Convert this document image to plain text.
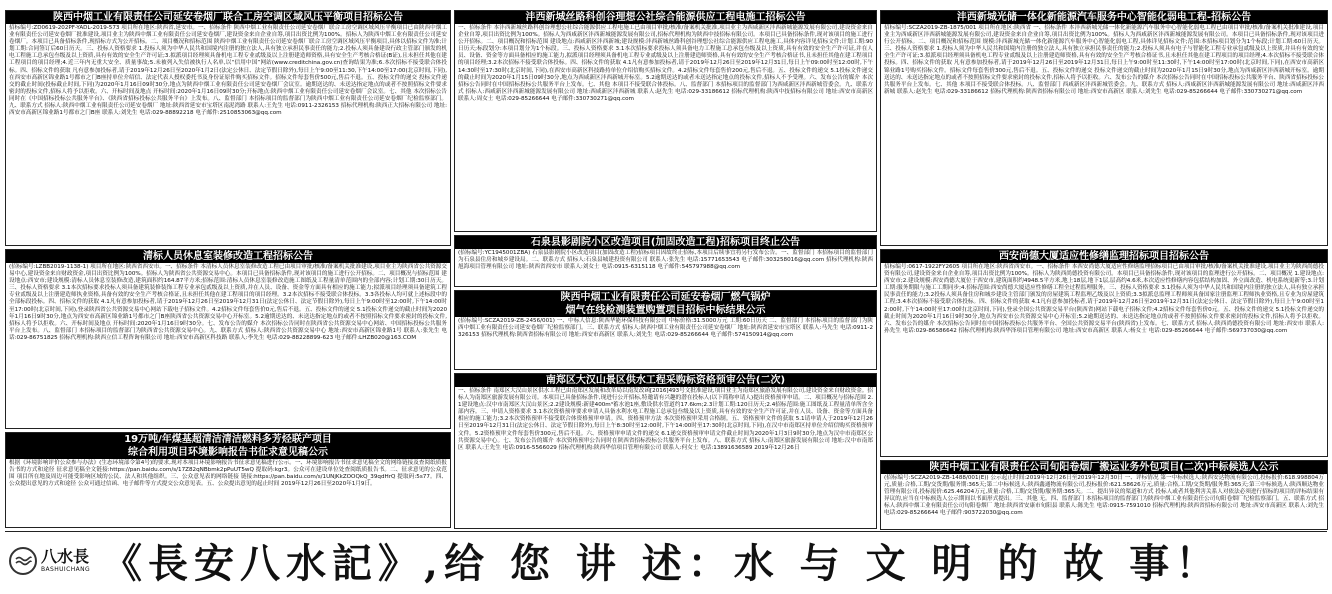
陕西中烟工业有限责任公司延安卷烟厂联合工房空调区域风压平衡项目招标公告
招标编号:ZD0619-202PF-YADL-2019-573 项目所在地区:陕西省,延安市。一、招标条件 陕西中烟工业有限责任公司延安卷烟厂联合工房空调区域风压平衡项目已由陕西中烟工业有限责任公司延安卷烟厂批准建设,项目业主为陕西中烟工业有限责任公司延安卷烟厂,建设资金来自企业自筹,项目出资比例为100%。招标人为陕西中烟工业有限责任公司延安卷烟厂。本项目已具备招标条件,现招标方式为公开招标。二、项目概况和招标范围 陕西中烟工业有限责任公司延安卷烟厂联合工房空调区域风压平衡项目,具体以招标文件为准;计划工期:合同签订后60日历天。三、投标人资格要求 1.投标人须为中华人民共和国境内注册的独立法人,具有独立承担民事责任的能力;2.投标人须具备建设行政主管部门颁发的机电工程施工总承包叁级及以上资质,具有有效的安全生产许可证;3.拟派项目经理须具备机电工程专业贰级及以上注册建造师资格,具有安全生产考核合格证(B证),且未担任其他在建工程项目的项目经理;4.近三年内无重大安全、质量事故;5.未被列入失信被执行人名单,以“信用中国”网站(www.creditchina.gov.cn)查询结果为准;6.本次招标不接受联合体投标。四、招标文件的获取 凡有意参加投标者,请于2019年12月26日至2020年1月2日(法定公休日、法定节假日除外),每日上午9:00至11:30,下午14:00至17:00(北京时间,下同),在西安市高新区锦业路1号都市之门B座持单位介绍信、法定代表人授权委托书及身份证原件购买招标文件。招标文件每套售价500元,售后不退。五、投标文件的递交 投标文件递交的截止时间(投标截止时间,下同)为2020年1月16日09时30分,地点为陕西中烟工业有限责任公司延安卷烟厂会议室。逾期送达的、未送达指定地点的或者不按照招标文件要求密封的投标文件,招标人将予以拒收。六、开标时间及地点 开标时间:2020年1月16日09时30分;开标地点:陕西中烟工业有限责任公司延安卷烟厂会议室。七、其他 本次招标公告同时在《中国招标投标公共服务平台》、《陕西省招标投标公共服务平台》上发布。八、监督部门 本招标项目的监督部门为陕西中烟工业有限责任公司延安卷烟厂纪检监察部门。九、联系方式 招标人:陕西中烟工业有限责任公司延安卷烟厂 地址:陕西省延安市宝塔区南泥湾路 联系人:王先生 电话:0911-2326153 招标代理机构:陕西正大招标有限公司 地址:西安市高新区锦业路1号都市之门B座 联系人:刘先生 电话:029-88892218 电子邮件:2510853063@qq.com
清标人员休息室装修改造工程招标公告
(招标编号:LZBB2019-1138-1) 项目所在地区:陕西省西安市。一、招标条件 本清标人员休息室装修改造工程已由项目审批/核准/备案机关批准建设,项目业主为陕西省公共资源交易中心,建设资金来自财政资金,项目出资比例为100%。招标人为陕西省公共资源交易中心。本项目已具备招标条件,现对该项目的施工进行公开招标。二、项目概况与招标范围 建设地点:西安市;建设规模:清标人员休息室装修改造,建筑面积约164.87平方米;招标范围:清标人员休息室装修改造施工图纸及工程量清单范围内的全部内容;计划工期:30日历天。三、投标人资格要求 3.1本次招标要求投标人须具备建筑装修装饰工程专业承包贰级及以上资质,并在人员、设备、资金等方面具有相应的施工能力;拟派项目经理须具备建筑工程专业贰级及以上注册建造师执业资格,具备有效的安全生产考核合格证,且未担任其他在建工程项目的项目经理。3.2本次招标不接受联合体投标。3.3各投标人均可就上述标段中的全部标段投标。四、招标文件的获取 4.1凡有意参加投标者,请于2019年12月26日至2019年12月31日(法定公休日、法定节假日除外),每日上午9:00时至12:00时,下午14:00时至17:00时(北京时间,下同),登录陕西省公共资源交易中心网站下载电子招标文件。4.2招标文件每套售价0元,售后不退。五、投标文件的递交 5.1投标文件递交的截止时间为2020年1月16日9时30分,地点为西安市高新区锦业路1号都市之门B座陕西省公共资源交易中心开标室。5.2逾期送达的、未送达指定地点的或者不按照招标文件要求密封的投标文件,招标人将予以拒收。六、开标时间及地点 开标时间:2020年1月16日9时30分。七、发布公告的媒介 本次招标公告同时在陕西省公共资源交易中心网站、中国招标投标公共服务平台上发布。八、监督部门 本招标项目的监督部门为陕西省公共资源交易中心。九、联系方式 招标人:陕西省公共资源交易中心 地址:西安市高新区锦业路1号 联系人:张先生 电话:029-86751825 招标代理机构:陕西立信工程咨询有限公司 地址:西安市高新区科技路 联系人:李先生 电话:029-88228899-623 电子邮件:LHZB020@163.COM
19万吨/年煤基超清洁清洁燃料多芳烃联产项目
综合利用项目环境影响报告书征求意见稿公示
根据《环境影响评价公众参与办法》(生态环境部令第4号)的要求,现对本项目环境影响报告书征求意见稿进行公示。一、环境影响报告书征求意见稿全文的网络链接及查阅纸质报告书的方式和途径 征求意见稿全文链接:https://pan.baidu.com/s/17Z82qNBbmk2pPuUT5wQ 提取码:kgr3。公众可在建设单位处查阅纸质报告书。二、征求意见的公众范围 项目所在地及周边可能受影响区域的公民、法人和其他组织。三、公众意见表的网络链接 链接:https://pan.baidu.com/s/1UNjKkZOOQkQ_39qdHrQ 提取码:5s77。四、公众提出意见的方式和途径 公众可通过信函、电子邮件等方式提交公众意见表。五、公众提出意见的起止时间 2019年12月26日至2020年1月9日。
沣西新城丝路科创谷理想公社综合能源供应工程电施工招标公告
一、招标条件 本沣西新城丝路科创谷理想公社综合能源供应工程电施工已由项目审批/核准/备案机关批准,项目业主为西咸新区沣西新城能源发展有限公司,建设资金来自企业自筹,项目出资比例为100%。招标人为西咸新区沣西新城能源发展有限公司,招标代理机构为陕西中技招标有限公司。本项目已具备招标条件,现对该项目的施工进行公开招标。二、项目概况和招标范围 建设地点:西咸新区沣西新城;建设规模:沣西新城丝路科创谷理想公社综合能源供应工程电施工,具体内容详见招标文件;计划工期:90日历天;标段划分:本项目划分为1个标段。三、投标人资格要求 3.1本次招标要求投标人须具备电力工程施工总承包叁级及以上资质,具有有效的安全生产许可证,并在人员、设备、资金等方面具备相应的施工能力,拟派项目经理须具备机电工程专业贰级及以上注册建造师资格,具有有效的安全生产考核合格证书,且未担任其他在建工程项目的项目经理;3.2本次招标不接受联合体投标。四、招标文件的获取 4.1凡有意参加投标者,请于2019年12月26日至2019年12月31日,每日上午09:00时至12:00时,下午14:30时至17:30时(北京时间,下同),在西安市高新区科技路持单位介绍信购买招标文件。4.2招标文件每套售价200元,售后不退。五、投标文件的递交 5.1投标文件递交的截止时间为2020年1月15日09时30分,地点为西咸新区沣西新城开标室。5.2逾期送达的或者未送达指定地点的投标文件,招标人不予受理。六、发布公告的媒介 本次招标公告同时在中国招标投标公共服务平台上发布。七、其他 本项目不接受联合体投标。八、监督部门 本招标项目的监督部门为西咸新区沣西新城管委会。九、联系方式 招标人:西咸新区沣西新城能源发展有限公司 地址:西咸新区沣西新城 联系人:赵先生 电话:029-33186612 招标代理机构:陕西中技招标有限公司 地址:西安市高新区 联系人:周女士 电话:029-85266644 电子邮件:330730271@qq.com
石泉县影剧院小区改造项目(加固改造工程)招标项目终止公告
(招标编号:YC1945001ZBA) 石泉县影剧院小区改造项目(加固改造工程)招标项目因故终止招标,本项目后续事宜将另行发布公告。一、监督部门 本招标项目的监督部门为石泉县住房和城乡建设局。二、联系方式 招标人:石泉县城建投资有限公司 联系人:张先生 电话:15771653543 电子邮件:303258016@qq.com 招标代理机构:陕西旭海项目管理有限公司 地址:陕西省西安市 联系人:刘女士 电话:0915-6315118 电子邮件:545797988@qq.com
陕西中烟工业有限责任公司延安卷烟厂燃气锅炉
烟气在线检测装置购置项目招标中标结果公示
(招标编号:SCZA2019-ZB-2456/001) 一、中标人信息:陕西华能环保科技有限公司 中标价格:31.5000万元 工期:60日历天 二、监督部门 本招标项目的监督部门为陕西中烟工业有限责任公司延安卷烟厂纪检监察部门。三、联系方式 招标人:陕西中烟工业有限责任公司延安卷烟厂 地址:陕西省延安市宝塔区 联系人:马先生 电话:0911-2326153 招标代理机构:陕西省招标有限公司 地址:西安市高新区 联系人:刘先生 电话:029-85266644 电子邮件:574150914@qq.com
南郑区大汉山景区供水工程采购标资格预审公告(二次)
一、招标条件 南郑区大汉山景区供水工程已由南郑区发展和改革局以南发改函[2016]493号文批准建设,项目业主为南郑区旅游发展有限公司,建设资金来自财政资金。招标人为南郑区旅游发展有限公司。本项目已具备招标条件,现进行公开招标,特邀请有兴趣的潜在投标人(以下简称申请人)提出资格预审申请。二、项目概况与招标范围 2.1建设地点:汉中市南郑区大汉山景区;2.2建设规模:新建400m³蓄水池1座,敷设供水管道约17.6km;2.3计划工期:120日历天;2.4招标范围:施工图纸及工程量清单所含全部内容。三、申请人资格要求 3.1本次资格预审要求申请人具备水利水电工程施工总承包叁级及以上资质,具有有效的安全生产许可证,并在人员、设备、资金等方面具备相应的施工能力;3.2本次资格预审不接受联合体资格预审申请。四、资格预审方法 本次资格预审采用合格制。五、资格预审文件的获取 5.1请申请人于2019年12月26日至2019年12月31日(法定公休日、法定节假日除外),每日上午8:30时至12:00时,下午14:00时至17:30时(北京时间,下同),在汉中市南郑区持单位介绍信购买资格预审文件。5.2资格预审文件每套售价300元,售后不退。六、资格预审申请文件的递交 6.1递交资格预审申请文件截止时间为2020年1月3日9时30分,地点为汉中市南郑区公共资源交易中心。七、发布公告的媒介 本次资格预审公告同时在陕西省招标投标公共服务平台上发布。八、联系方式 招标人:南郑区旅游发展有限公司 地址:汉中市南郑区 联系人:王先生 电话:0916-5566029 招标代理机构:陕西华信项目管理有限公司 联系人:何女士 电话:13891636589 2019年12月26日
沣西新城光储一体化新能源汽车服务中心智能化弱电工程-招标公告
招标编号:SCZA2019-ZB-1875/001 项目所在地区:陕西省 一、招标条件 本沣西新城光储一体化新能源汽车服务中心智能化弱电工程已由项目审批/核准/备案机关批准建设,项目业主为西咸新区沣西新城能源发展有限公司,建设资金来自企业自筹,项目出资比例为100%。招标人为西咸新区沣西新城能源发展有限公司。本项目已具备招标条件,现对该项目进行公开招标。二、项目概况和招标范围 规模:沣西新城光储一体化新能源汽车服务中心智能化弱电工程,具体详见招标文件;范围:本招标项目划分为1个标段;计划工期:60日历天。三、投标人资格要求 1.投标人须为中华人民共和国境内注册的独立法人,具有独立承担民事责任的能力;2.投标人须具有电子与智能化工程专业承包贰级及以上资质,并具有有效的安全生产许可证;3.拟派项目经理须具备机电工程专业贰级及以上注册建造师资格,具有有效的安全生产考核合格证书,且未担任其他在建工程项目的项目经理;4.本次招标不接受联合体投标。四、招标文件的获取 凡有意参加投标者,请于2019年12月26日至2019年12月31日,每日上午9:00时至11:30时,下午14:00时至17:00时(北京时间,下同),在西安市高新区锦业路1号购买招标文件。招标文件每套售价300元,售后不退。五、投标文件的递交 投标文件递交的截止时间为2020年1月15日9时30分,地点为西咸新区沣西新城开标室。逾期送达的、未送达指定地点的或者不按照招标文件要求密封的投标文件,招标人将予以拒收。六、发布公告的媒介 本次招标公告同时在中国招标投标公共服务平台、陕西省招标投标公共服务平台上发布。七、其他 本项目不接受联合体投标。八、监督部门 西咸新区沣西新城管委会。九、联系方式 招标人:西咸新区沣西新城能源发展有限公司 地址:西咸新区沣西新城 联系人:赵先生 电话:029-33186612 招标代理机构:陕西省招标有限公司 地址:西安市高新区 联系人:刘先生 电话:029-85266644 电子邮件:330730271@qq.com
西安尚德大厦适应性修缮监理招标项目招标公告
招标编号:0617-1922FY2605 项目所在地区:陕西省西安市。一、招标条件 本西安尚德大厦适应性修缮监理招标项目已由项目审批/核准/备案机关批准建设,项目业主为陕西尚德投资有限公司,建设资金来自企业自筹,项目出资比例为100%。招标人为陕西尚德投资有限公司。本项目已具备招标条件,现对该项目的监理进行公开招标。二、项目概况 1.建设地点:西安市;2.建设规模:西安尚德大厦位于西安市,建筑面积约4948.5平方米,地上18层,地下1层,层高约4.6米,本次适应性修缮内容包括结构加固、外立面改造、机电系统更新等;3.计划工期:服务期限与施工工期同步;4.招标范围:西安尚德大厦适应性修缮工程全过程监理服务。三、投标人资格要求 3.1投标人须为中华人民共和国境内注册的独立法人,具有独立承担民事责任的能力;3.2投标人须具备住房和城乡建设主管部门颁发的房屋建筑工程监理乙级及以上资质;3.3拟派总监理工程师须具备国家注册监理工程师执业资格,且专业为房屋建筑工程;3.4本次招标不接受联合体投标。四、招标文件的获取 4.1凡有意参加投标者,请于2019年12月26日至2019年12月31日(法定公休日、法定节假日除外),每日上午9:00时至12:00时,下午14:00时至17:00时(北京时间,下同),登录全国公共资源交易平台(陕西省)网站下载电子招标文件;4.2招标文件每套售价0元。五、投标文件的递交 5.1投标文件递交的截止时间为2020年1月16日9时30分,地点为西安市公共资源交易中心开标室;5.2逾期送达的、未送达指定地点的或者不按照招标文件要求密封的投标文件,招标人将予以拒收。六、发布公告的媒介 本次招标公告同时在中国招标投标公共服务平台、全国公共资源交易平台(陕西省)上发布。七、联系方式 招标人:陕西尚德投资有限公司 地址:西安市 联系人:孙先生 电话:029-86586642 招标代理机构:陕西华泽项目管理有限公司 地址:西安市高新区 联系人:杨女士 电话:029-85266644 电子邮件:569737030@qq.com
陕西中烟工业有限责任公司旬阳卷烟厂搬运业务外包项目(二次)中标候选人公示
(招标编号:SCZA2019-ZB-1488/001(E)) 公示起止时间:2019年12月26日至2019年12月30日 一、评标情况 第一中标候选人:陕西安达物流有限公司,投标报价:618.998804万元,质量:合格,工期/交货期/服务期:365天;第二中标候选人:陕西鑫通物流有限公司,投标报价:621.58626万元,质量:合格,工期/交货期/服务期:365天;第三中标候选人:陕西顺达物业管理有限公司,投标报价:625.46204万元,质量:合格,工期/交货期/服务期:365天。二、提出异议的渠道和方式 投标人或者其他利害关系人对依法必须进行招标的项目的评标结果有异议的,应当在中标候选人公示期间以书面形式提出。三、其他 无。四、监督部门 本招标项目的监督部门为陕西中烟工业有限责任公司旬阳卷烟厂纪检监察部门。五、联系方式 招标人:陕西中烟工业有限责任公司旬阳卷烟厂 地址:陕西省安康市旬阳县 联系人:陈先生 电话:0915-7591010 招标代理机构:陕西省招标有限公司 地址:西安市高新区 联系人:刘先生 电话:029-85266644 电子邮件:903722030@qq.com
八水長
BASHUICHANG 《長安八水記》,给 您 讲 述：水 与 文 明 的 故 事！
